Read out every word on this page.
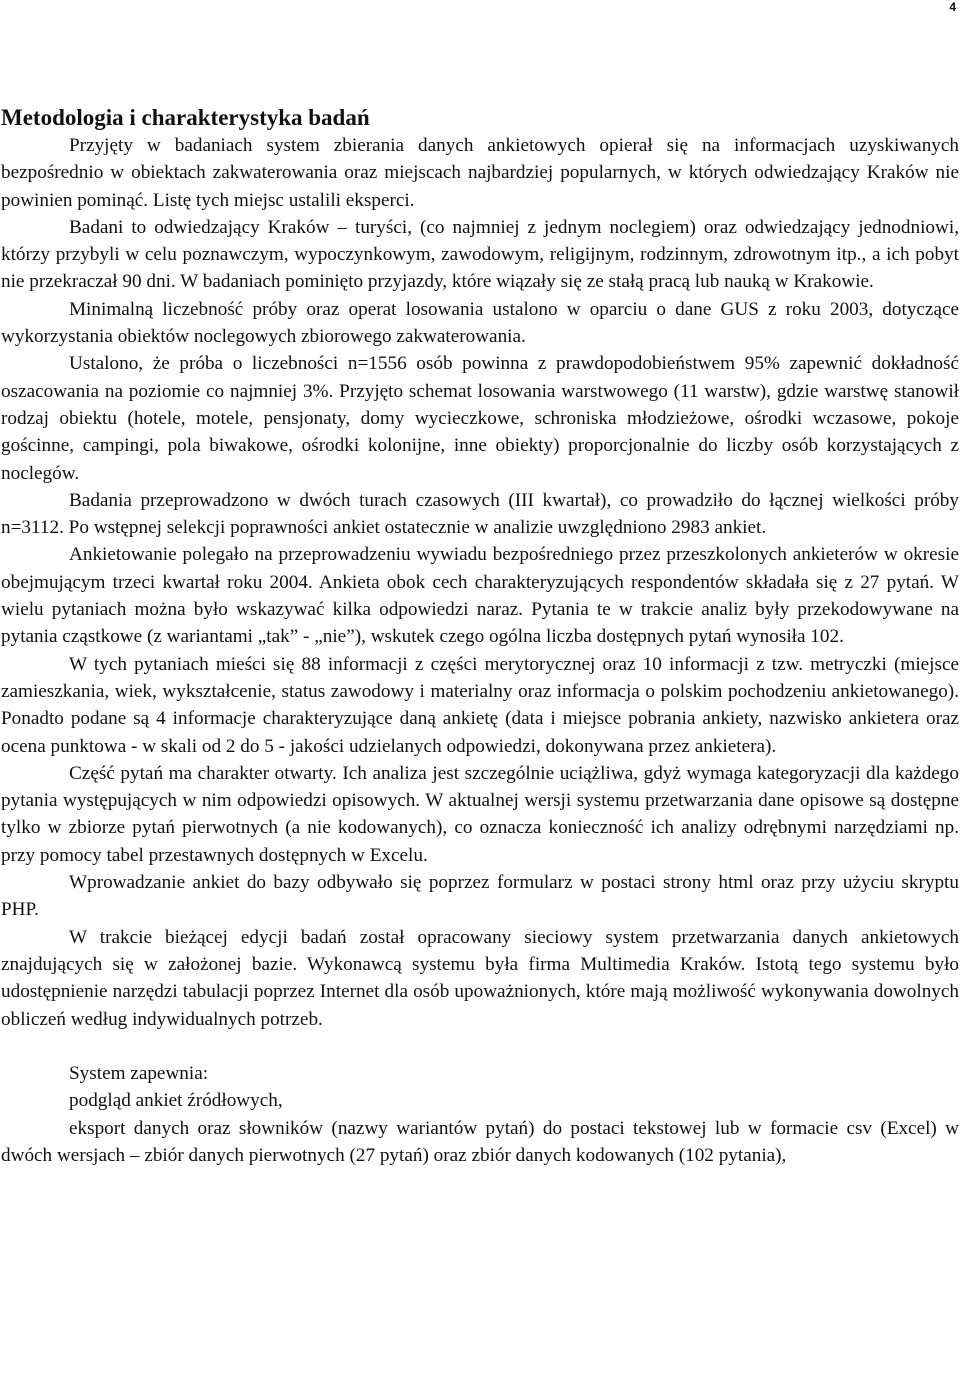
4
Metodologia i charakterystyka badań

Przyjęty w badaniach system zbierania danych ankietowych opierał się na informacjach uzyskiwanych bezpośrednio w obiektach zakwaterowania oraz miejscach najbardziej popularnych, w których odwiedzający Kraków nie powinien pominąć. Listę tych miejsc ustalili eksperci.

Badani to odwiedzający Kraków – turyści, (co najmniej z jednym noclegiem) oraz odwiedzający jednodniowi, którzy przybyli w celu poznawczym, wypoczynkowym, zawodowym, religijnym, rodzinnym, zdrowotnym itp., a ich pobyt nie przekraczał 90 dni. W badaniach pominięto przyjazdy, które wiązały się ze stałą pracą lub nauką w Krakowie.

Minimalną liczebność próby oraz operat losowania ustalono w oparciu o dane GUS z roku 2003, dotyczące wykorzystania obiektów noclegowych zbiorowego zakwaterowania.

Ustalono, że próba o liczebności n=1556 osób powinna z prawdopodobieństwem 95% zapewnić dokładność oszacowania na poziomie co najmniej 3%. Przyjęto schemat losowania warstwowego (11 warstw), gdzie warstwę stanowił rodzaj obiektu (hotele, motele, pensjonaty, domy wycieczkowe, schroniska młodzieżowe, ośrodki wczasowe, pokoje gościnne, campingi, pola biwakowe, ośrodki kolonijne, inne obiekty) proporcjonalnie do liczby osób korzystających z noclegów.

Badania przeprowadzono w dwóch turach czasowych (III kwartał), co prowadziło do łącznej wielkości próby n=3112. Po wstępnej selekcji poprawności ankiet ostatecznie w analizie uwzględniono 2983 ankiet.

Ankietowanie polegało na przeprowadzeniu wywiadu bezpośredniego przez przeszkolonych ankieterów w okresie obejmującym trzeci kwartał roku 2004. Ankieta obok cech charakteryzujących respondentów składała się z 27 pytań. W wielu pytaniach można było wskazywać kilka odpowiedzi naraz. Pytania te w trakcie analiz były przekodowywane na pytania cząstkowe (z wariantami „tak” - „nie”), wskutek czego ogólna liczba dostępnych pytań wynosiła 102.

W tych pytaniach mieści się 88 informacji z części merytorycznej oraz 10 informacji z tzw. metryczki (miejsce zamieszkania, wiek, wykształcenie, status zawodowy i materialny oraz informacja o polskim pochodzeniu ankietowanego). Ponadto podane są 4 informacje charakteryzujące daną ankietę (data i miejsce pobrania ankiety, nazwisko ankietera oraz ocena punktowa - w skali od 2 do 5 - jakości udzielanych odpowiedzi, dokonywana przez ankietera).

Część pytań ma charakter otwarty. Ich analiza jest szczególnie uciążliwa, gdyż wymaga kategoryzacji dla każdego pytania występujących w nim odpowiedzi opisowych. W aktualnej wersji systemu przetwarzania dane opisowe są dostępne tylko w zbiorze pytań pierwotnych (a nie kodowanych), co oznacza konieczność ich analizy odrębnymi narzędziami np. przy pomocy tabel przestawnych dostępnych w Excelu.

Wprowadzanie ankiet do bazy odbywało się poprzez formularz w postaci strony html oraz przy użyciu skryptu PHP.

W trakcie bieżącej edycji badań został opracowany sieciowy system przetwarzania danych ankietowych znajdujących się w założonej bazie. Wykonawcą systemu była firma Multimedia Kraków. Istotą tego systemu było udostępnienie narzędzi tabulacji poprzez Internet dla osób upoważnionych, które mają możliwość wykonywania dowolnych obliczeń według indywidualnych potrzeb.

System zapewnia:

podgląd ankiet źródłowych,

eksport danych oraz słowników (nazwy wariantów pytań) do postaci tekstowej lub w formacie csv (Excel) w dwóch wersjach – zbiór danych pierwotnych (27 pytań) oraz zbiór danych kodowanych (102 pytania),
